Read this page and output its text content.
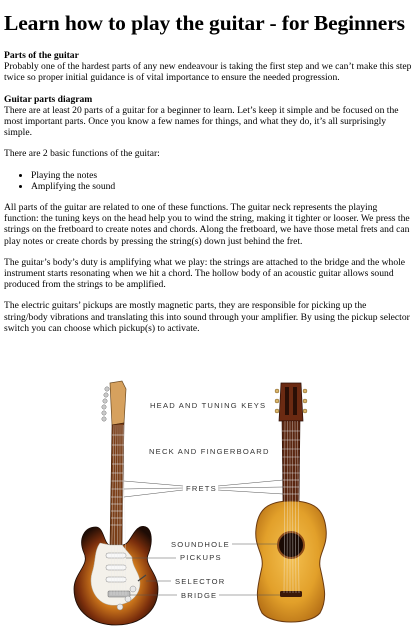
Learn how to play the guitar - for Beginners

Parts of the guitar
Probably one of the hardest parts of any new endeavour is taking the first step and we can’t make this step twice so proper initial guidance is of vital importance to ensure the needed progression.

Guitar parts diagram
There are at least 20 parts of a guitar for a beginner to learn. Let’s keep it simple and be focused on the most important parts. Once you know a few names for things, and what they do, it’s all surprisingly simple.

There are 2 basic functions of the guitar:

• Playing the notes
• Amplifying the sound

All parts of the guitar are related to one of these functions. The guitar neck represents the playing function: the tuning keys on the head help you to wind the string, making it tighter or looser. We press the strings on the fretboard to create notes and chords. Along the fretboard, we have those metal frets and can play notes or create chords by pressing the string(s) down just behind the fret.

The guitar’s body’s duty is amplifying what we play: the strings are attached to the bridge and the whole instrument starts resonating when we hit a chord. The hollow body of an acoustic guitar allows sound produced from the strings to be amplified.

The electric guitars’ pickups are mostly magnetic parts, they are responsible for picking up the string/body vibrations and translating this into sound through your amplifier. By using the pickup selector switch you can choose which pickup(s) to activate.

HEAD AND TUNING KEYS
NECK AND FINGERBOARD
FRETS
SOUNDHOLE
PICKUPS
SELECTOR
BRIDGE
